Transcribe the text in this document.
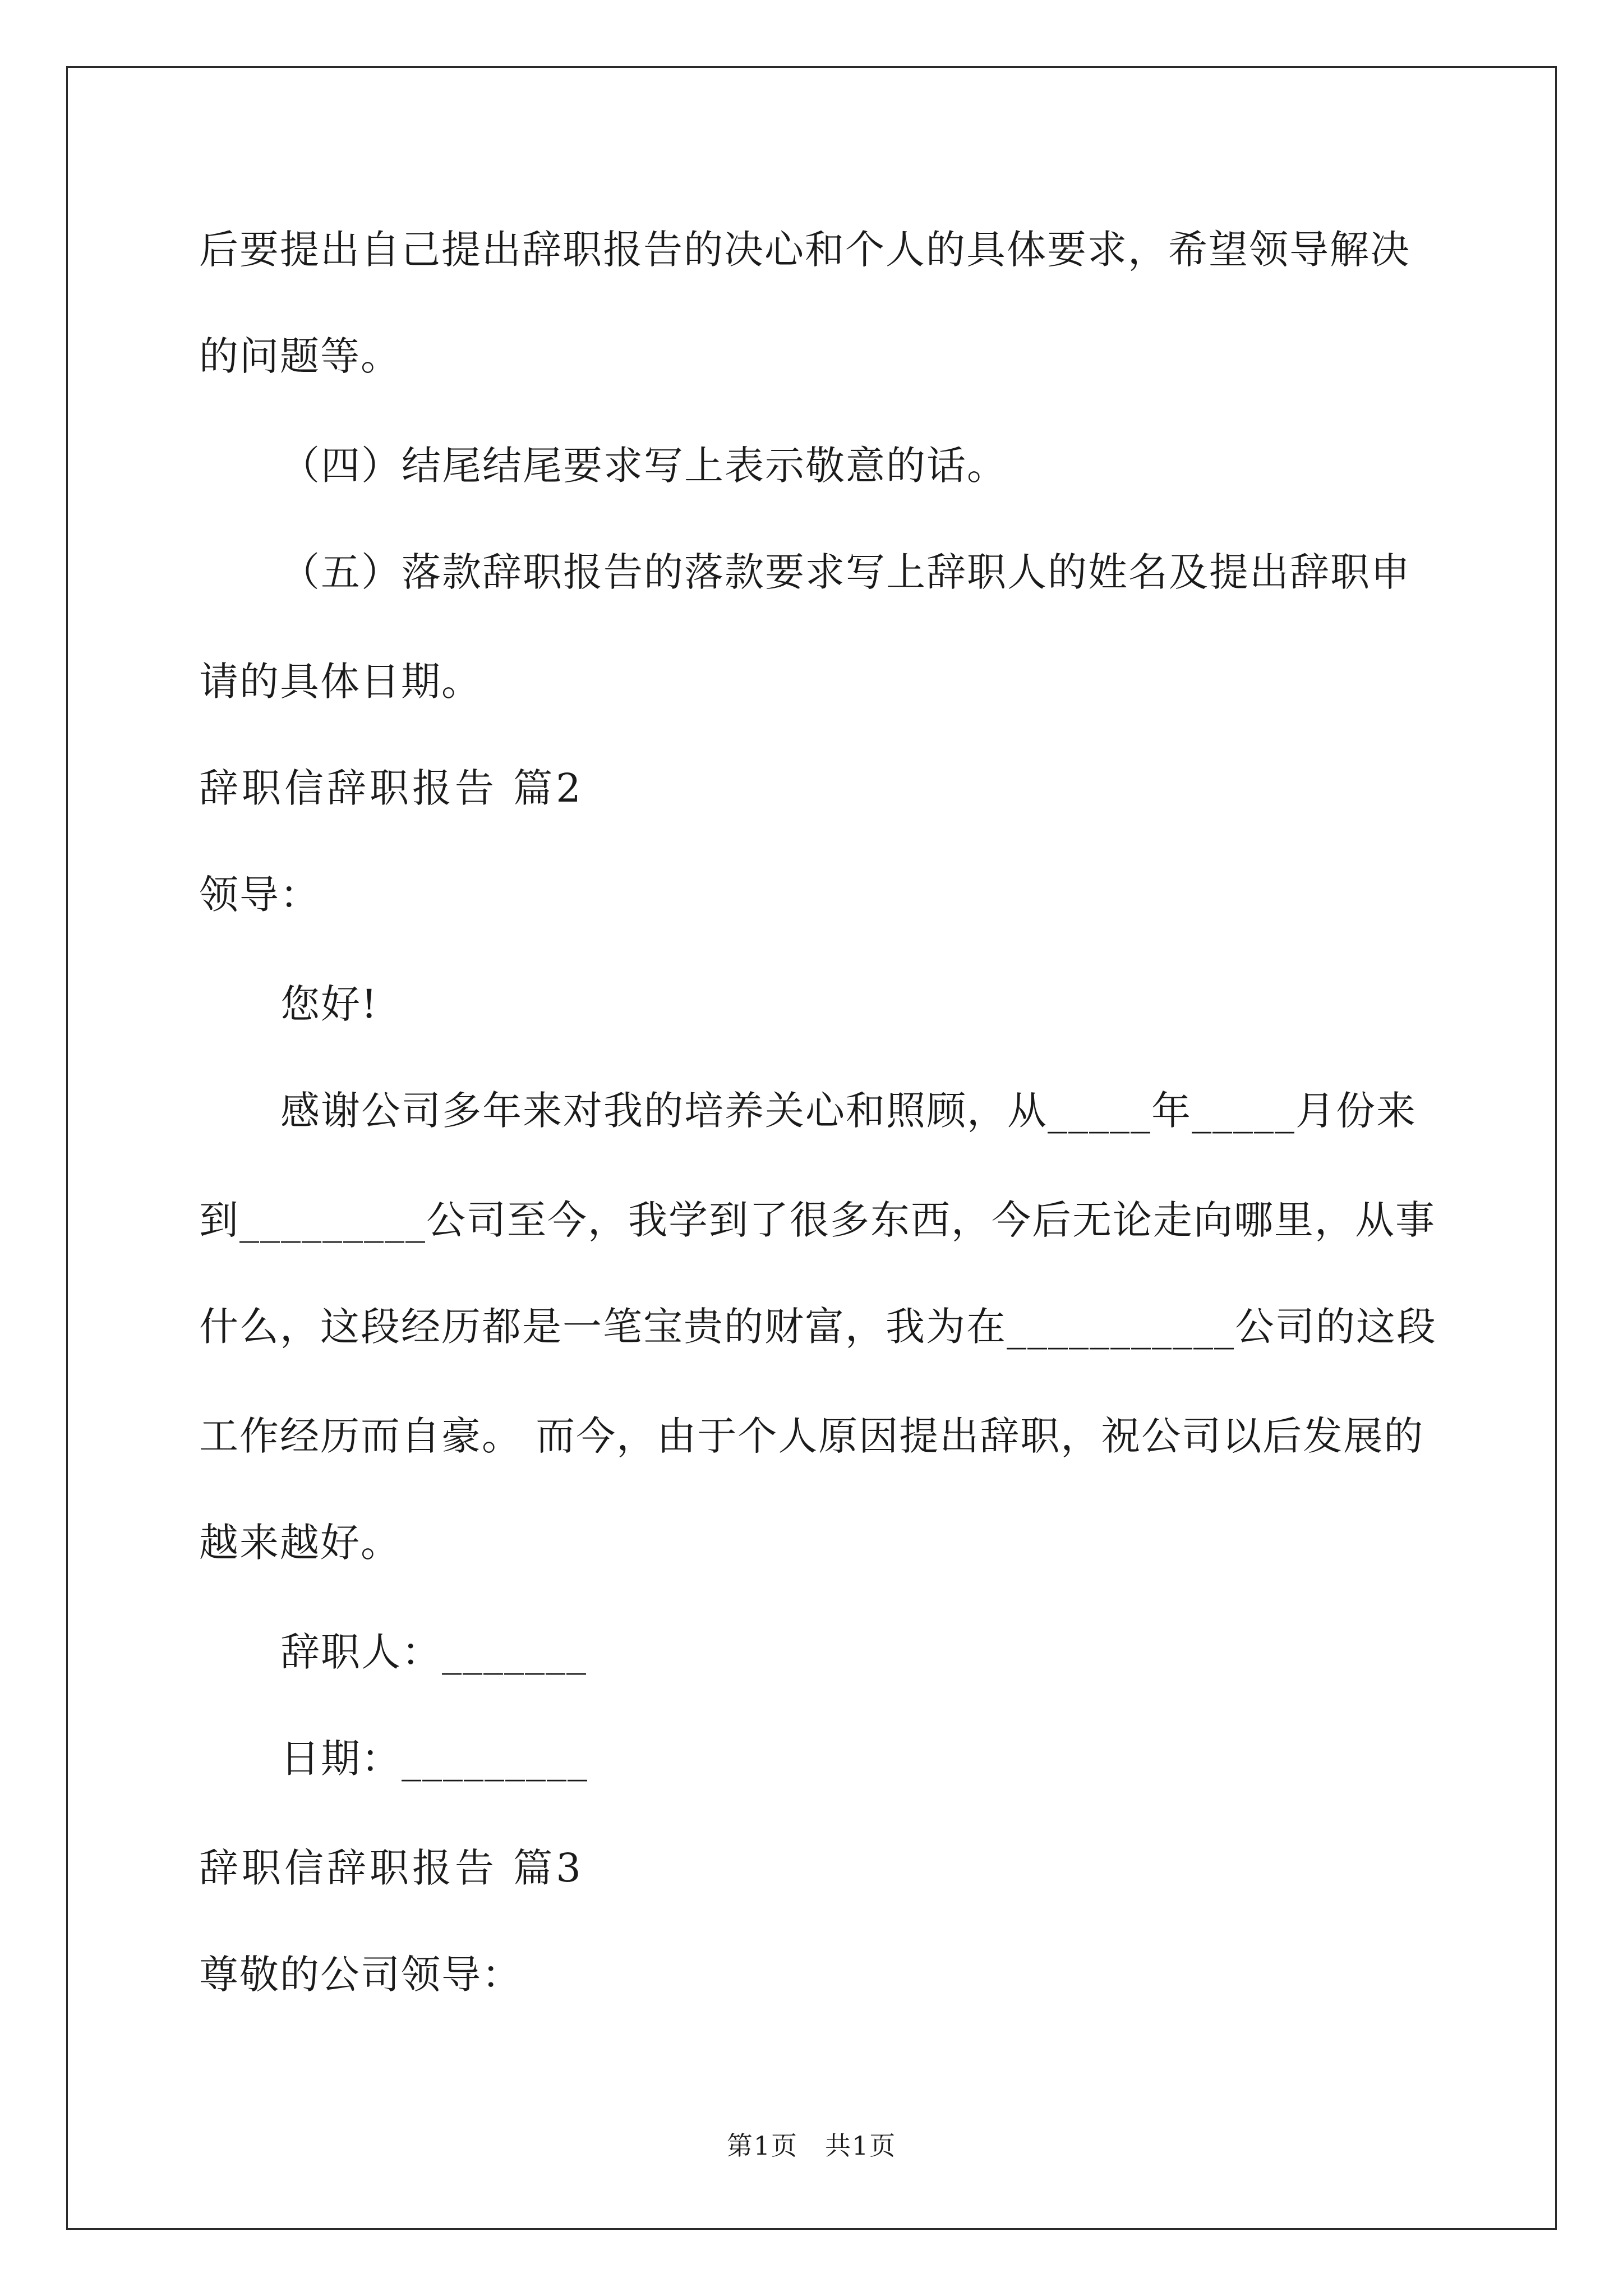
后要提出自己提出辞职报告的决心和个人的具体要求，希望领导解决
的问题等。
（四）结尾结尾要求写上表示敬意的话。
（五）落款辞职报告的落款要求写上辞职人的姓名及提出辞职申
请的具体日期。
辞职信辞职报告 篇2
领导：
您好!
感谢公司多年来对我的培养关心和照顾，从_____年_____月份来
到_________公司至今，我学到了很多东西，今后无论走向哪里，从事
什么，这段经历都是一笔宝贵的财富，我为在___________公司的这段
工作经历而自豪。 而今，由于个人原因提出辞职，祝公司以后发展的
越来越好。
辞职人：_______
日期：_________
辞职信辞职报告 篇3
尊敬的公司领导：
第1页　共1页
